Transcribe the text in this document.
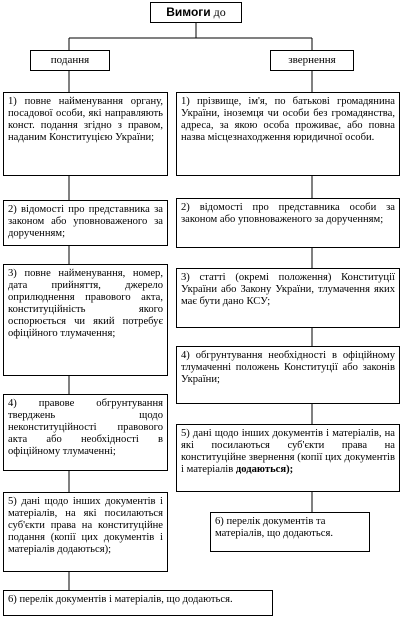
Вимоги до
подання	звернення
1) повне найменування органу, посадової особи, які направляють конст. подання згідно з правом, наданим Конституцією України;
2) відомості про представника за законом або уповноваженого за дорученням;
3) повне найменування, номер, дата прийняття, джерело оприлюднення правового акта, конституційність якого оспорюється чи який потребує офіційного тлумачення;
4) правове обгрунтування тверджень щодо неконституційності правового акта або необхідності в офіційному тлумаченні;
5) дані щодо інших документів і матеріалів, на які посилаються суб'єкти права на конституційне подання (копії цих документів і матеріалів додаються);
6) перелік документів і матеріалів, що додаються.
1) прізвище, ім'я, по батькові громадянина України, іноземця чи особи без громадянства, адреса, за якою особа проживає, або повна назва місцезнаходження юридичної особи.
2) відомості про представника особи за законом або уповноваженого за дорученням;
3) статті (окремі положення) Конституції України або Закону України, тлумачення яких має бути дано КСУ;
4) обгрунтування необхідності в офіційному тлумаченні положень Конституції або законів України;
5) дані щодо інших документів і матеріалів, на які посилаються суб'єкти права на конституційне звернення (копії цих документів і матеріалів додаються);
6) перелік документів та матеріалів, що додаються.
